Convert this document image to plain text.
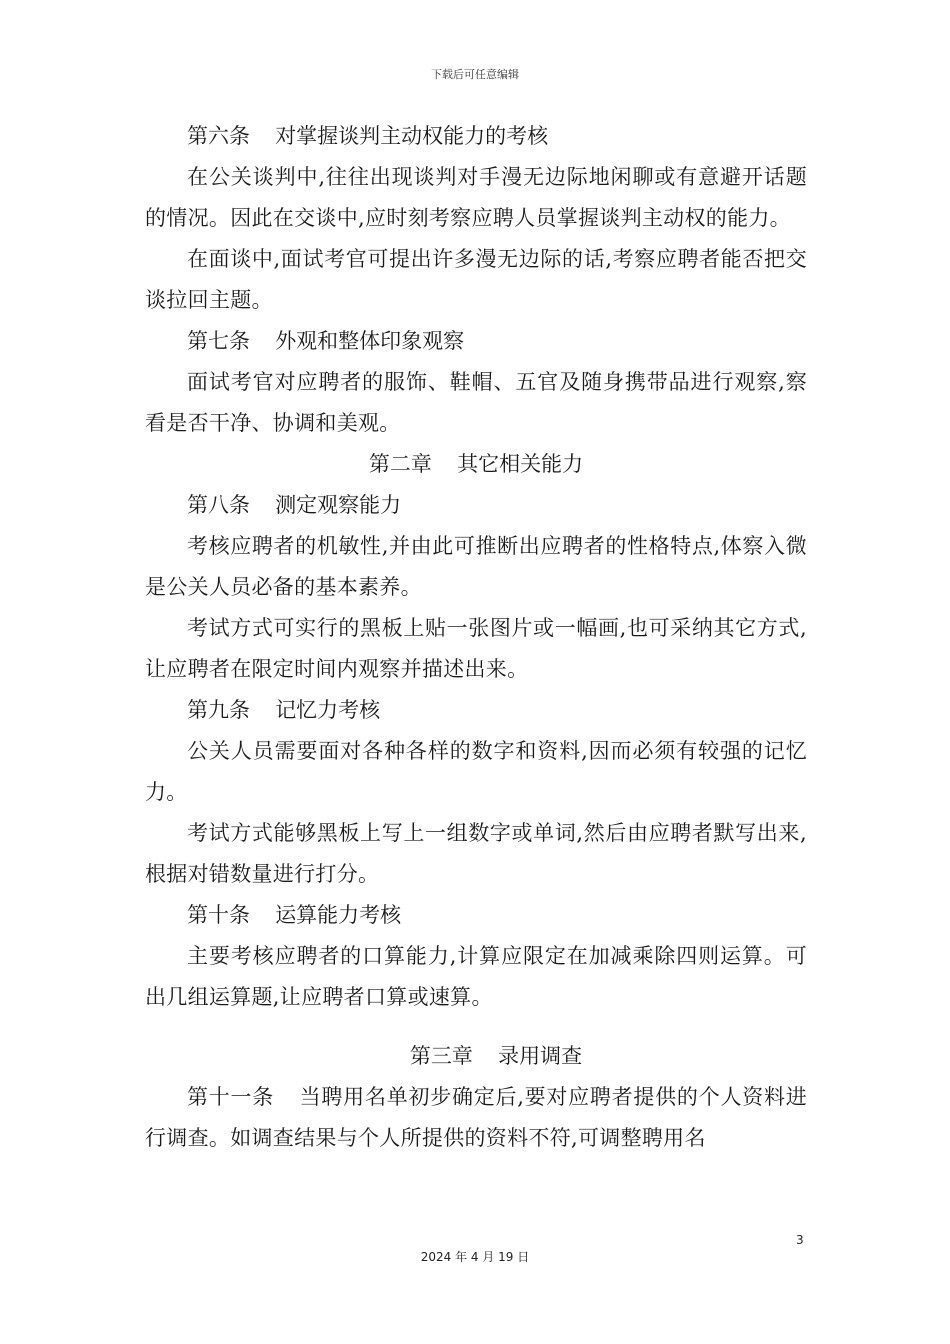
下载后可任意编辑

第六条 对掌握谈判主动权能力的考核

在公关谈判中,往往出现谈判对手漫无边际地闲聊或有意避开话题的情况。因此在交谈中,应时刻考察应聘人员掌握谈判主动权的能力。

在面谈中,面试考官可提出许多漫无边际的话,考察应聘者能否把交谈拉回主题。

第七条 外观和整体印象观察

面试考官对应聘者的服饰、鞋帽、五官及随身携带品进行观察,察看是否干净、协调和美观。

第二章 其它相关能力

第八条 测定观察能力

考核应聘者的机敏性,并由此可推断出应聘者的性格特点,体察入微是公关人员必备的基本素养。

考试方式可实行的黑板上贴一张图片或一幅画,也可采纳其它方式,让应聘者在限定时间内观察并描述出来。

第九条 记忆力考核

公关人员需要面对各种各样的数字和资料,因而必须有较强的记忆力。

考试方式能够黑板上写上一组数字或单词,然后由应聘者默写出来,根据对错数量进行打分。

第十条 运算能力考核

主要考核应聘者的口算能力,计算应限定在加减乘除四则运算。可出几组运算题,让应聘者口算或速算。

第三章 录用调查

第十一条 当聘用名单初步确定后,要对应聘者提供的个人资料进行调查。如调查结果与个人所提供的资料不符,可调整聘用名

3
2024 年 4 月 19 日
